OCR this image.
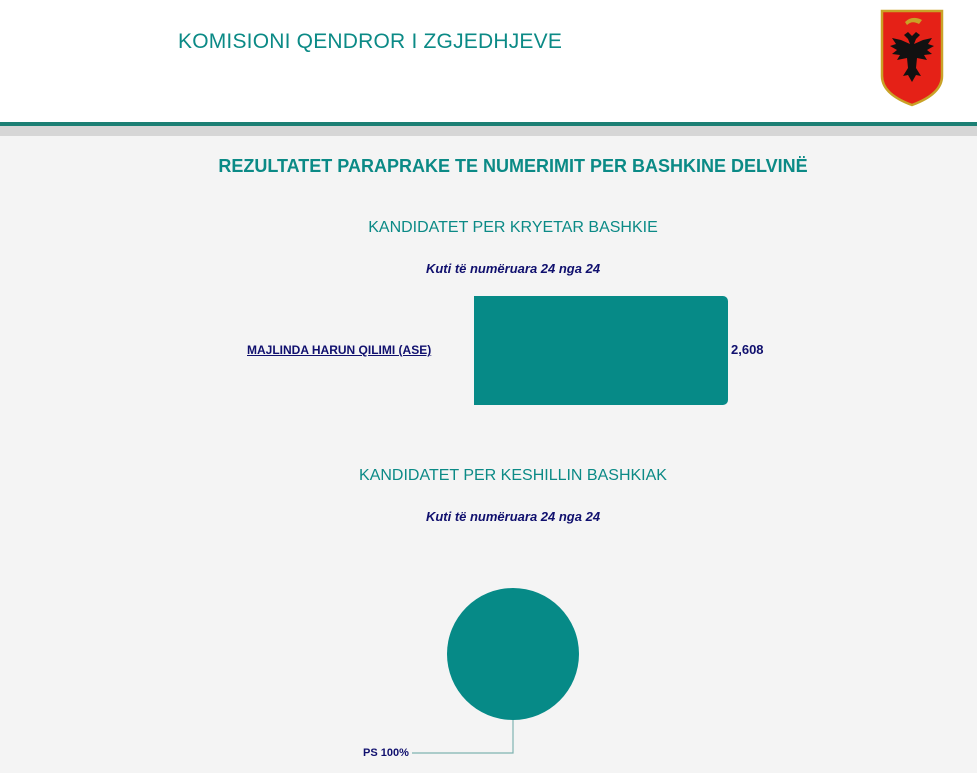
KOMISIONI QENDROR I ZGJEDHJEVE
REZULTATET PARAPRAKE TE NUMERIMIT PER BASHKINE DELVINË
KANDIDATET PER KRYETAR BASHKIE
Kuti të numëruara 24 nga 24
MAJLINDA HARUN QILIMI (ASE)	2,608
KANDIDATET PER KESHILLIN BASHKIAK
Kuti të numëruara 24 nga 24
PS 100%
